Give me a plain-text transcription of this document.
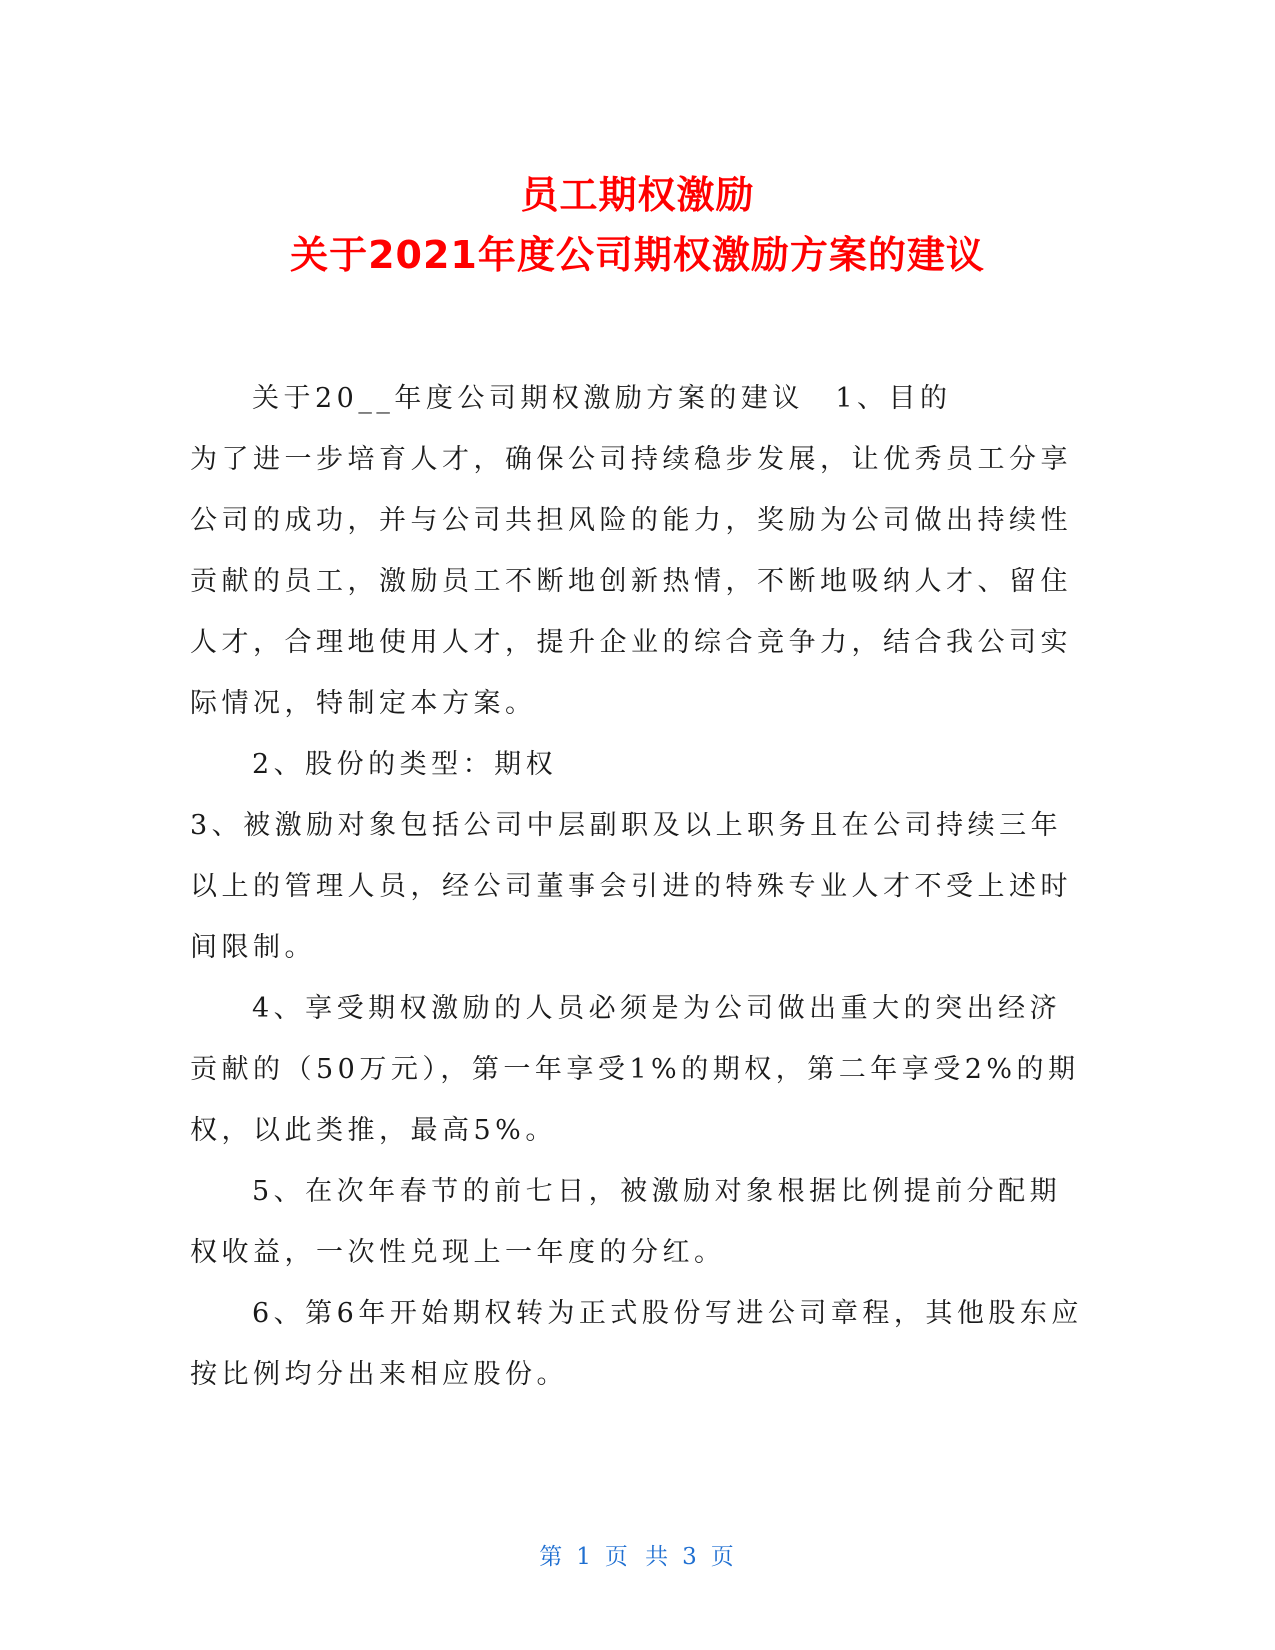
员工期权激励
关于2021年度公司期权激励方案的建议

关于20__年度公司期权激励方案的建议　1、目的

为了进一步培育人才，确保公司持续稳步发展，让优秀员工分享公司的成功，并与公司共担风险的能力，奖励为公司做出持续性贡献的员工，激励员工不断地创新热情，不断地吸纳人才、留住人才，合理地使用人才，提升企业的综合竞争力，结合我公司实际情况，特制定本方案。

2、股份的类型：期权

3、被激励对象包括公司中层副职及以上职务且在公司持续三年以上的管理人员，经公司董事会引进的特殊专业人才不受上述时间限制。

4、享受期权激励的人员必须是为公司做出重大的突出经济贡献的（50万元），第一年享受1%的期权，第二年享受2%的期权，以此类推，最高5%。

5、在次年春节的前七日，被激励对象根据比例提前分配期权收益，一次性兑现上一年度的分红。

6、第6年开始期权转为正式股份写进公司章程，其他股东应按比例均分出来相应股份。

第 1 页 共 3 页
